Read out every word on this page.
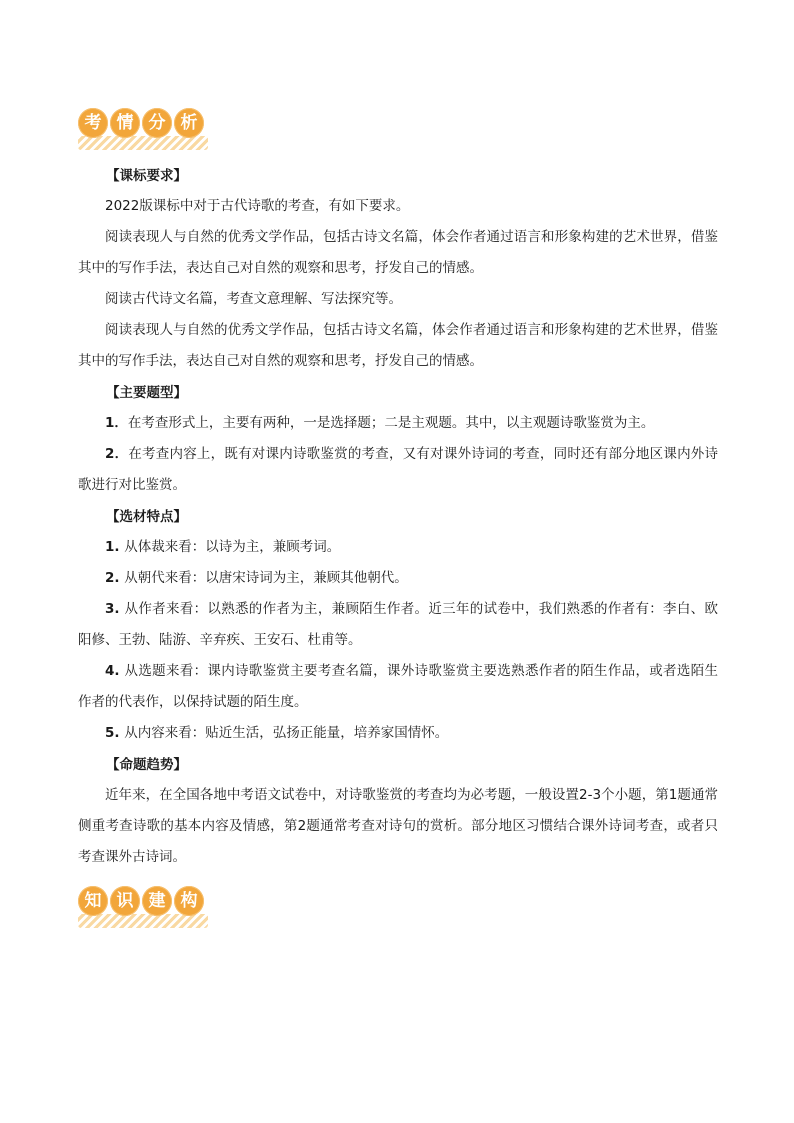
考 情 分 析

【课标要求】

2022版课标中对于古代诗歌的考查，有如下要求。

阅读表现人与自然的优秀文学作品，包括古诗文名篇，体会作者通过语言和形象构建的艺术世界，借鉴其中的写作手法，表达自己对自然的观察和思考，抒发自己的情感。

阅读古代诗文名篇，考查文意理解、写法探究等。

阅读表现人与自然的优秀文学作品，包括古诗文名篇，体会作者通过语言和形象构建的艺术世界，借鉴其中的写作手法，表达自己对自然的观察和思考，抒发自己的情感。

【主要题型】

1．在考查形式上，主要有两种，一是选择题；二是主观题。其中，以主观题诗歌鉴赏为主。

2．在考查内容上，既有对课内诗歌鉴赏的考查，又有对课外诗词的考查，同时还有部分地区课内外诗歌进行对比鉴赏。

【选材特点】

1. 从体裁来看：以诗为主，兼顾考词。

2. 从朝代来看：以唐宋诗词为主，兼顾其他朝代。

3. 从作者来看：以熟悉的作者为主，兼顾陌生作者。近三年的试卷中，我们熟悉的作者有：李白、欧阳修、王勃、陆游、辛弃疾、王安石、杜甫等。

4. 从选题来看：课内诗歌鉴赏主要考查名篇，课外诗歌鉴赏主要选熟悉作者的陌生作品，或者选陌生作者的代表作，以保持试题的陌生度。

5. 从内容来看：贴近生活，弘扬正能量，培养家国情怀。

【命题趋势】

近年来，在全国各地中考语文试卷中，对诗歌鉴赏的考查均为必考题，一般设置2-3个小题，第1题通常侧重考查诗歌的基本内容及情感，第2题通常考查对诗句的赏析。部分地区习惯结合课外诗词考查，或者只考查课外古诗词。

知 识 建 构
